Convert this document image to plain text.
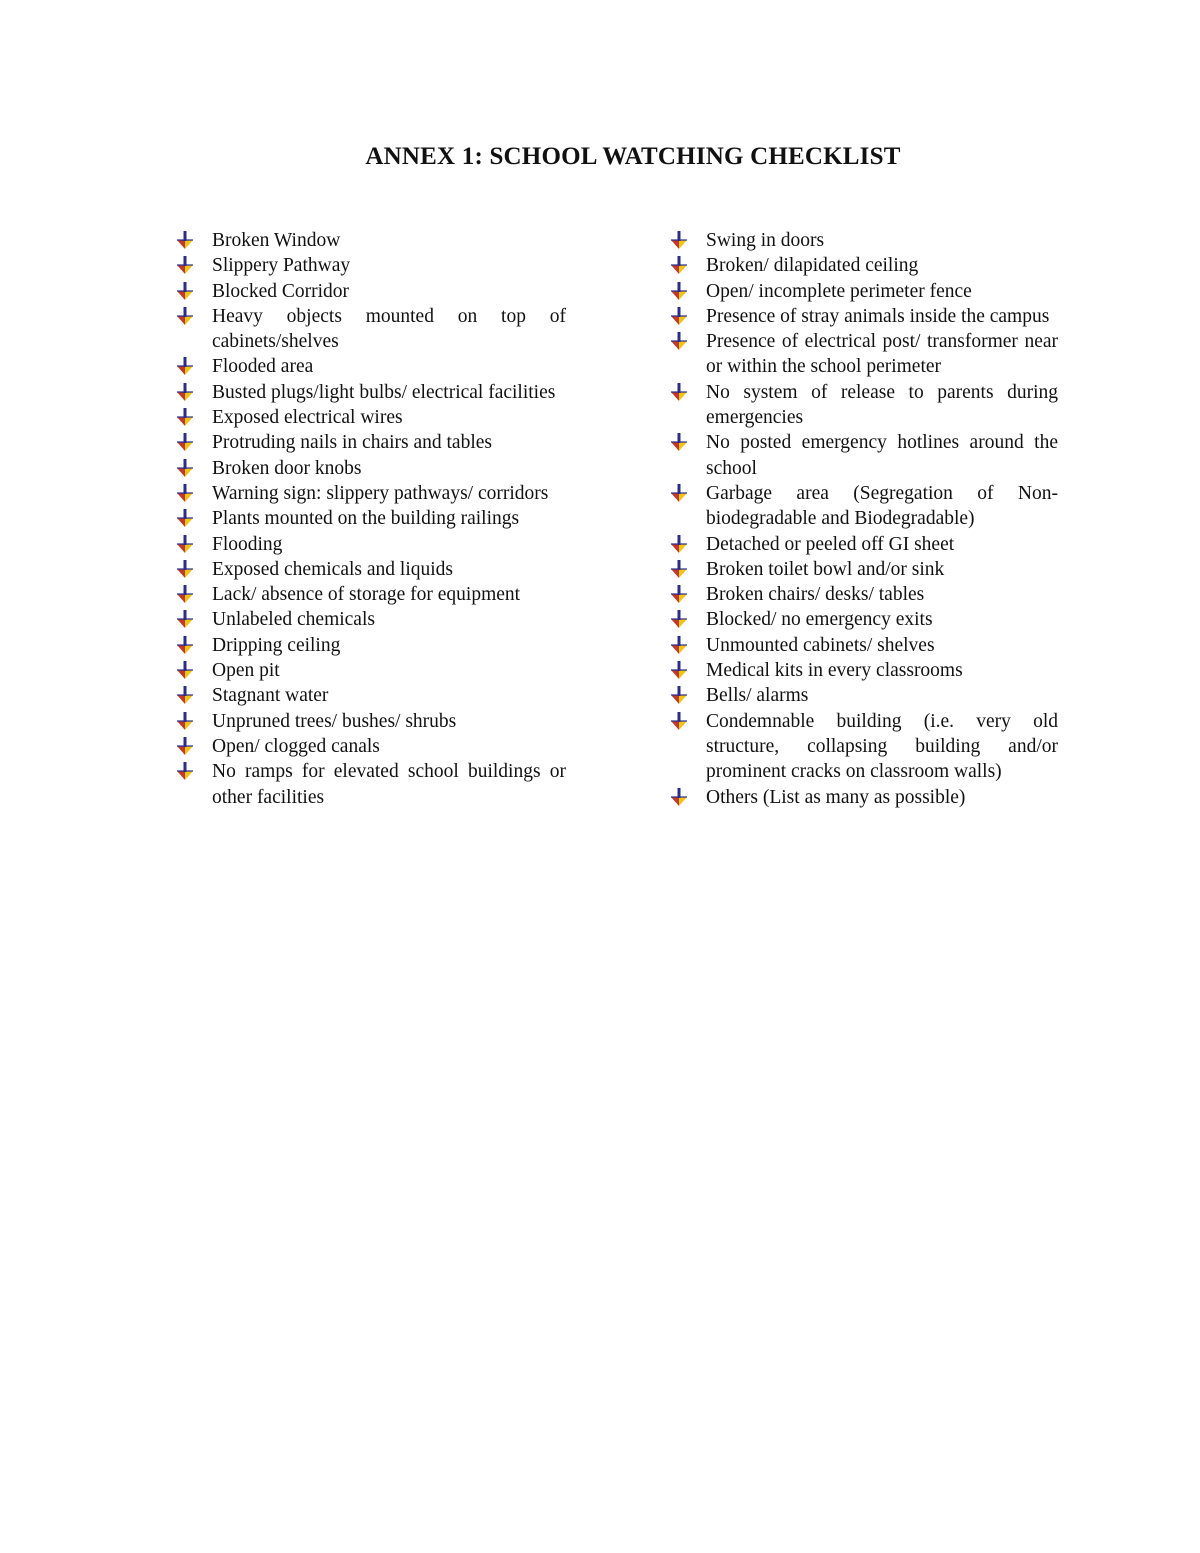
ANNEX 1: SCHOOL WATCHING CHECKLIST
Broken Window
Slippery Pathway
Blocked Corridor
Heavy objects mounted on top of cabinets/shelves
Flooded area
Busted plugs/light bulbs/ electrical facilities
Exposed electrical wires
Protruding nails in chairs and tables
Broken door knobs
Warning sign: slippery pathways/ corridors
Plants mounted on the building railings
Flooding
Exposed chemicals and liquids
Lack/ absence of storage for equipment
Unlabeled chemicals
Dripping ceiling
Open pit
Stagnant water
Unpruned trees/ bushes/ shrubs
Open/ clogged canals
No ramps for elevated school buildings or other facilities
Swing in doors
Broken/ dilapidated ceiling
Open/ incomplete perimeter fence
Presence of stray animals inside the campus
Presence of electrical post/ transformer near or within the school perimeter
No system of release to parents during emergencies
No posted emergency hotlines around the school
Garbage area (Segregation of Non-biodegradable and Biodegradable)
Detached or peeled off GI sheet
Broken toilet bowl and/or sink
Broken chairs/ desks/ tables
Blocked/ no emergency exits
Unmounted cabinets/ shelves
Medical kits in every classrooms
Bells/ alarms
Condemnable building (i.e. very old structure, collapsing building and/or prominent cracks on classroom walls)
Others (List as many as possible)
